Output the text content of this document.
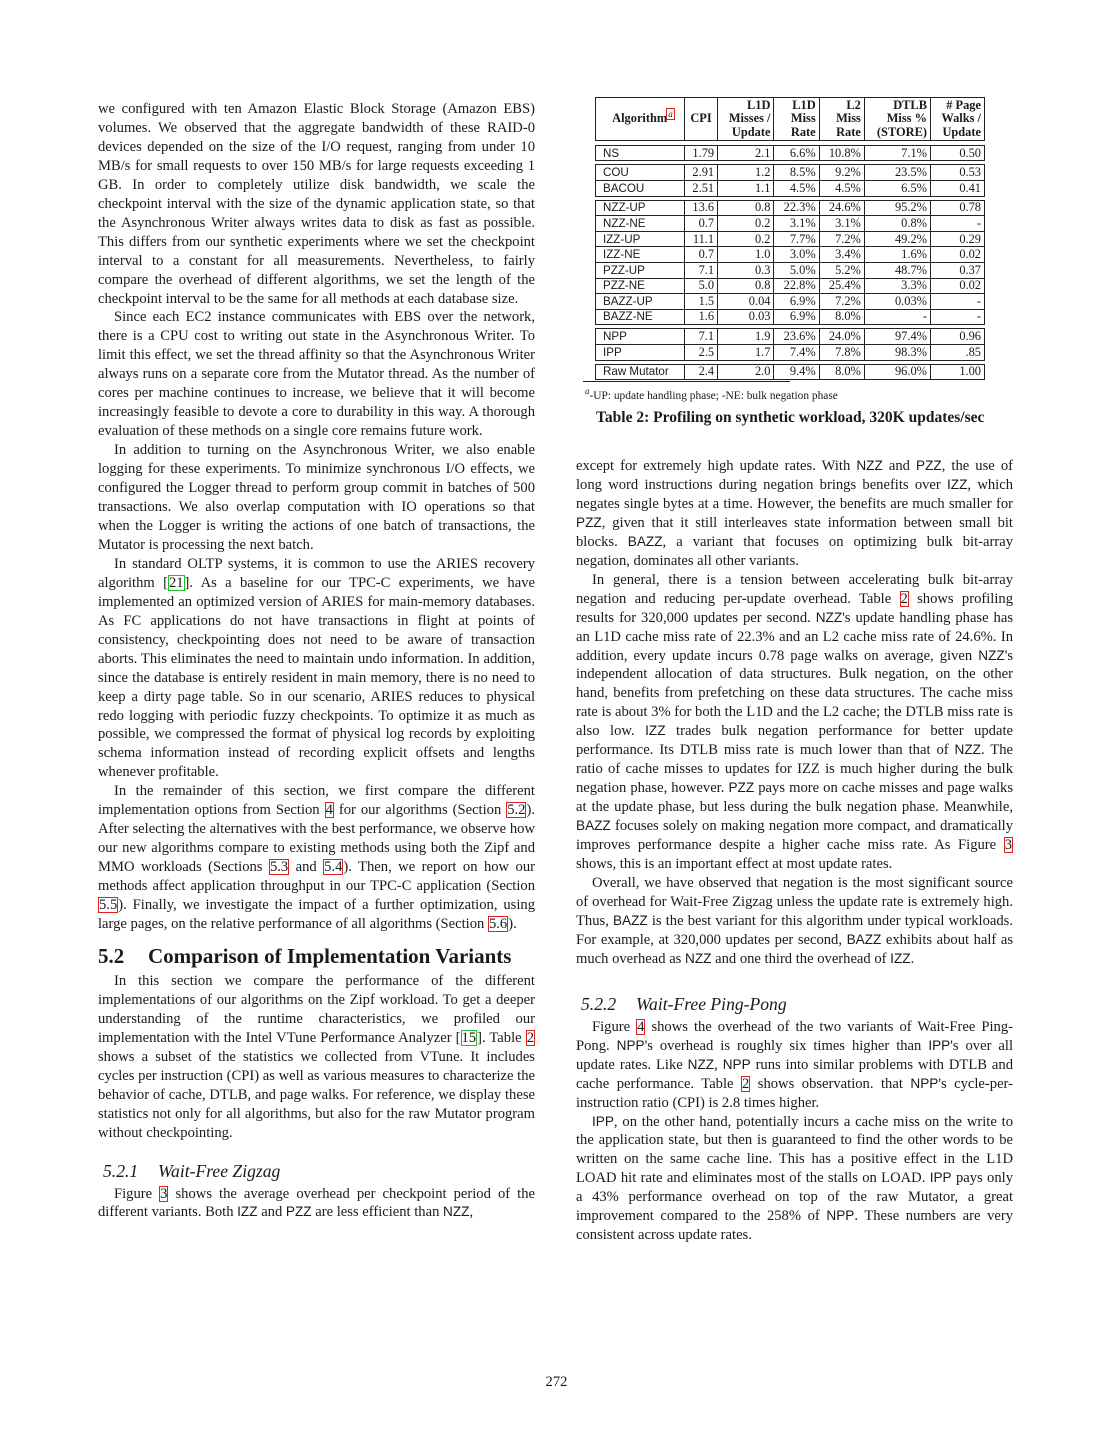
we configured with ten Amazon Elastic Block Storage (Amazon EBS) volumes. We observed that the aggregate bandwidth of these RAID-0 devices depended on the size of the I/O request, ranging from under 10 MB/s for small requests to over 150 MB/s for large requests exceeding 1 GB. In order to completely utilize disk bandwidth, we scale the checkpoint interval with the size of the dynamic application state, so that the Asynchronous Writer always writes data to disk as fast as possible. This differs from our synthetic experiments where we set the checkpoint interval to a constant for all measurements. Nevertheless, to fairly compare the overhead of different algorithms, we set the length of the checkpoint interval to be the same for all methods at each database size.

Since each EC2 instance communicates with EBS over the network, there is a CPU cost to writing out state in the Asynchronous Writer. To limit this effect, we set the thread affinity so that the Asynchronous Writer always runs on a separate core from the Mutator thread. As the number of cores per machine continues to increase, we believe that it will become increasingly feasible to devote a core to durability in this way. A thorough evaluation of these methods on a single core remains future work.

In addition to turning on the Asynchronous Writer, we also enable logging for these experiments. To minimize synchronous I/O effects, we configured the Logger thread to perform group commit in batches of 500 transactions. We also overlap computation with IO operations so that when the Logger is writing the actions of one batch of transactions, the Mutator is processing the next batch.

In standard OLTP systems, it is common to use the ARIES recovery algorithm [21]. As a baseline for our TPC-C experiments, we have implemented an optimized version of ARIES for main-memory databases. As FC applications do not have transactions in flight at points of consistency, checkpointing does not need to be aware of transaction aborts. This eliminates the need to maintain undo information. In addition, since the database is entirely resident in main memory, there is no need to keep a dirty page table. So in our scenario, ARIES reduces to physical redo logging with periodic fuzzy checkpoints. To optimize it as much as possible, we compressed the format of physical log records by exploiting schema information instead of recording explicit offsets and lengths whenever profitable.

In the remainder of this section, we first compare the different implementation options from Section 4 for our algorithms (Section 5.2). After selecting the alternatives with the best performance, we observe how our new algorithms compare to existing methods using both the Zipf and MMO workloads (Sections 5.3 and 5.4). Then, we report on how our methods affect application throughput in our TPC-C application (Section 5.5). Finally, we investigate the impact of a further optimization, using large pages, on the relative performance of all algorithms (Section 5.6).

5.2 Comparison of Implementation Variants

In this section we compare the performance of the different implementations of our algorithms on the Zipf workload. To get a deeper understanding of the runtime characteristics, we profiled our implementation with the Intel VTune Performance Analyzer [15]. Table 2 shows a subset of the statistics we collected from VTune. It includes cycles per instruction (CPI) as well as various measures to characterize the behavior of cache, DTLB, and page walks. For reference, we display these statistics not only for all algorithms, but also for the raw Mutator program without checkpointing.

5.2.1 Wait-Free Zigzag

Figure 3 shows the average overhead per checkpoint period of the different variants. Both IZZ and PZZ are less efficient than NZZ,

Algorithm$^a$	CPI	L1D
Misses /
Update	L1D
Miss
Rate	L2
Miss
Rate	DTLB
Miss %
(STORE)	# Page
Walks /
Update

NS	1.79	2.1	6.6%	10.8%	7.1%	0.50

COU	2.91	1.2	8.5%	9.2%	23.5%	0.53
BACOU	2.51	1.1	4.5%	4.5%	6.5%	0.41

NZZ-UP	13.6	0.8	22.3%	24.6%	95.2%	0.78
NZZ-NE	0.7	0.2	3.1%	3.1%	0.8%	-
IZZ-UP	11.1	0.2	7.7%	7.2%	49.2%	0.29
IZZ-NE	0.7	1.0	3.0%	3.4%	1.6%	0.02
PZZ-UP	7.1	0.3	5.0%	5.2%	48.7%	0.37
PZZ-NE	5.0	0.8	22.8%	25.4%	3.3%	0.02
BAZZ-UP	1.5	0.04	6.9%	7.2%	0.03%	-
BAZZ-NE	1.6	0.03	6.9%	8.0%	-	-

NPP	7.1	1.9	23.6%	24.0%	97.4%	0.96
IPP	2.5	1.7	7.4%	7.8%	98.3%	.85

Raw Mutator	2.4	2.0	9.4%	8.0%	96.0%	1.00
$^a$-UP: update handling phase; -NE: bulk negation phase
Table 2: Profiling on synthetic workload, 320K updates/sec

except for extremely high update rates. With NZZ and PZZ, the use of long word instructions during negation brings benefits over IZZ, which negates single bytes at a time. However, the benefits are much smaller for PZZ, given that it still interleaves state information between small bit blocks. BAZZ, a variant that focuses on optimizing bulk bit-array negation, dominates all other variants.

In general, there is a tension between accelerating bulk bit-array negation and reducing per-update overhead. Table 2 shows profiling results for 320,000 updates per second. NZZ's update handling phase has an L1D cache miss rate of 22.3% and an L2 cache miss rate of 24.6%. In addition, every update incurs 0.78 page walks on average, given NZZ's independent allocation of data structures. Bulk negation, on the other hand, benefits from prefetching on these data structures. The cache miss rate is about 3% for both the L1D and the L2 cache; the DTLB miss rate is also low. IZZ trades bulk negation performance for better update performance. Its DTLB miss rate is much lower than that of NZZ. The ratio of cache misses to updates for IZZ is much higher during the bulk negation phase, however. PZZ pays more on cache misses and page walks at the update phase, but less during the bulk negation phase. Meanwhile, BAZZ focuses solely on making negation more compact, and dramatically improves performance despite a higher cache miss rate. As Figure 3 shows, this is an important effect at most update rates.

Overall, we have observed that negation is the most significant source of overhead for Wait-Free Zigzag unless the update rate is extremely high. Thus, BAZZ is the best variant for this algorithm under typical workloads. For example, at 320,000 updates per second, BAZZ exhibits about half as much overhead as NZZ and one third the overhead of IZZ.

5.2.2 Wait-Free Ping-Pong

Figure 4 shows the overhead of the two variants of Wait-Free Ping-Pong. NPP's overhead is roughly six times higher than IPP's over all update rates. Like NZZ, NPP runs into similar problems with DTLB and cache performance. Table 2 shows observation. that NPP's cycle-per-instruction ratio (CPI) is 2.8 times higher.

IPP, on the other hand, potentially incurs a cache miss on the write to the application state, but then is guaranteed to find the other words to be written on the same cache line. This has a positive effect in the L1D LOAD hit rate and eliminates most of the stalls on LOAD. IPP pays only a 43% performance overhead on top of the raw Mutator, a great improvement compared to the 258% of NPP. These numbers are very consistent across update rates.

272
